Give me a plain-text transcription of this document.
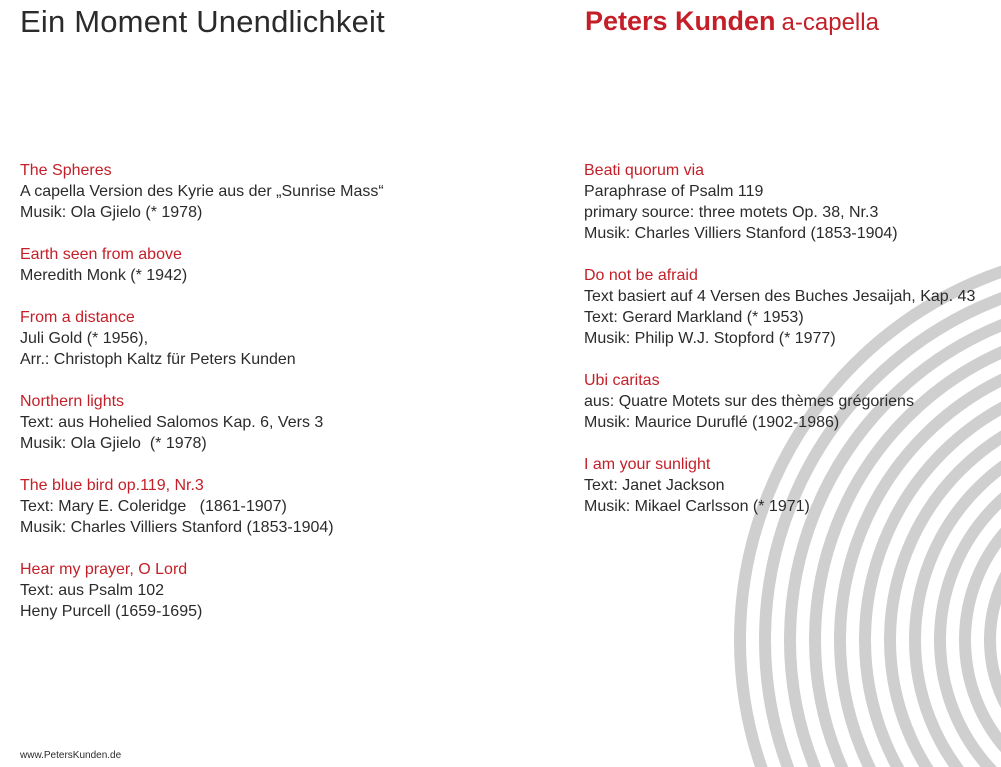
Ein Moment Unendlichkeit	Peters Kunden a-capella
The Spheres
A capella Version des Kyrie aus der „Sunrise Mass“
Musik: Ola Gjielo (* 1978)
Earth seen from above
Meredith Monk (* 1942)
From a distance
Juli Gold (* 1956),
Arr.: Christoph Kaltz für Peters Kunden
Northern lights
Text: aus Hohelied Salomos Kap. 6, Vers 3
Musik: Ola Gjielo  (* 1978)
The blue bird op.119, Nr.3
Text: Mary E. Coleridge   (1861-1907)
Musik: Charles Villiers Stanford (1853-1904)
Hear my prayer, O Lord
Text: aus Psalm 102
Heny Purcell (1659-1695)
Beati quorum via
Paraphrase of Psalm 119
primary source: three motets Op. 38, Nr.3
Musik: Charles Villiers Stanford (1853-1904)
Do not be afraid
Text basiert auf 4 Versen des Buches Jesaijah, Kap. 43
Text: Gerard Markland (* 1953)
Musik: Philip W.J. Stopford (* 1977)
Ubi caritas
aus: Quatre Motets sur des thèmes grégoriens
Musik: Maurice Duruflé (1902-1986)
I am your sunlight
Text: Janet Jackson
Musik: Mikael Carlsson (* 1971)
www.PetersKunden.de
